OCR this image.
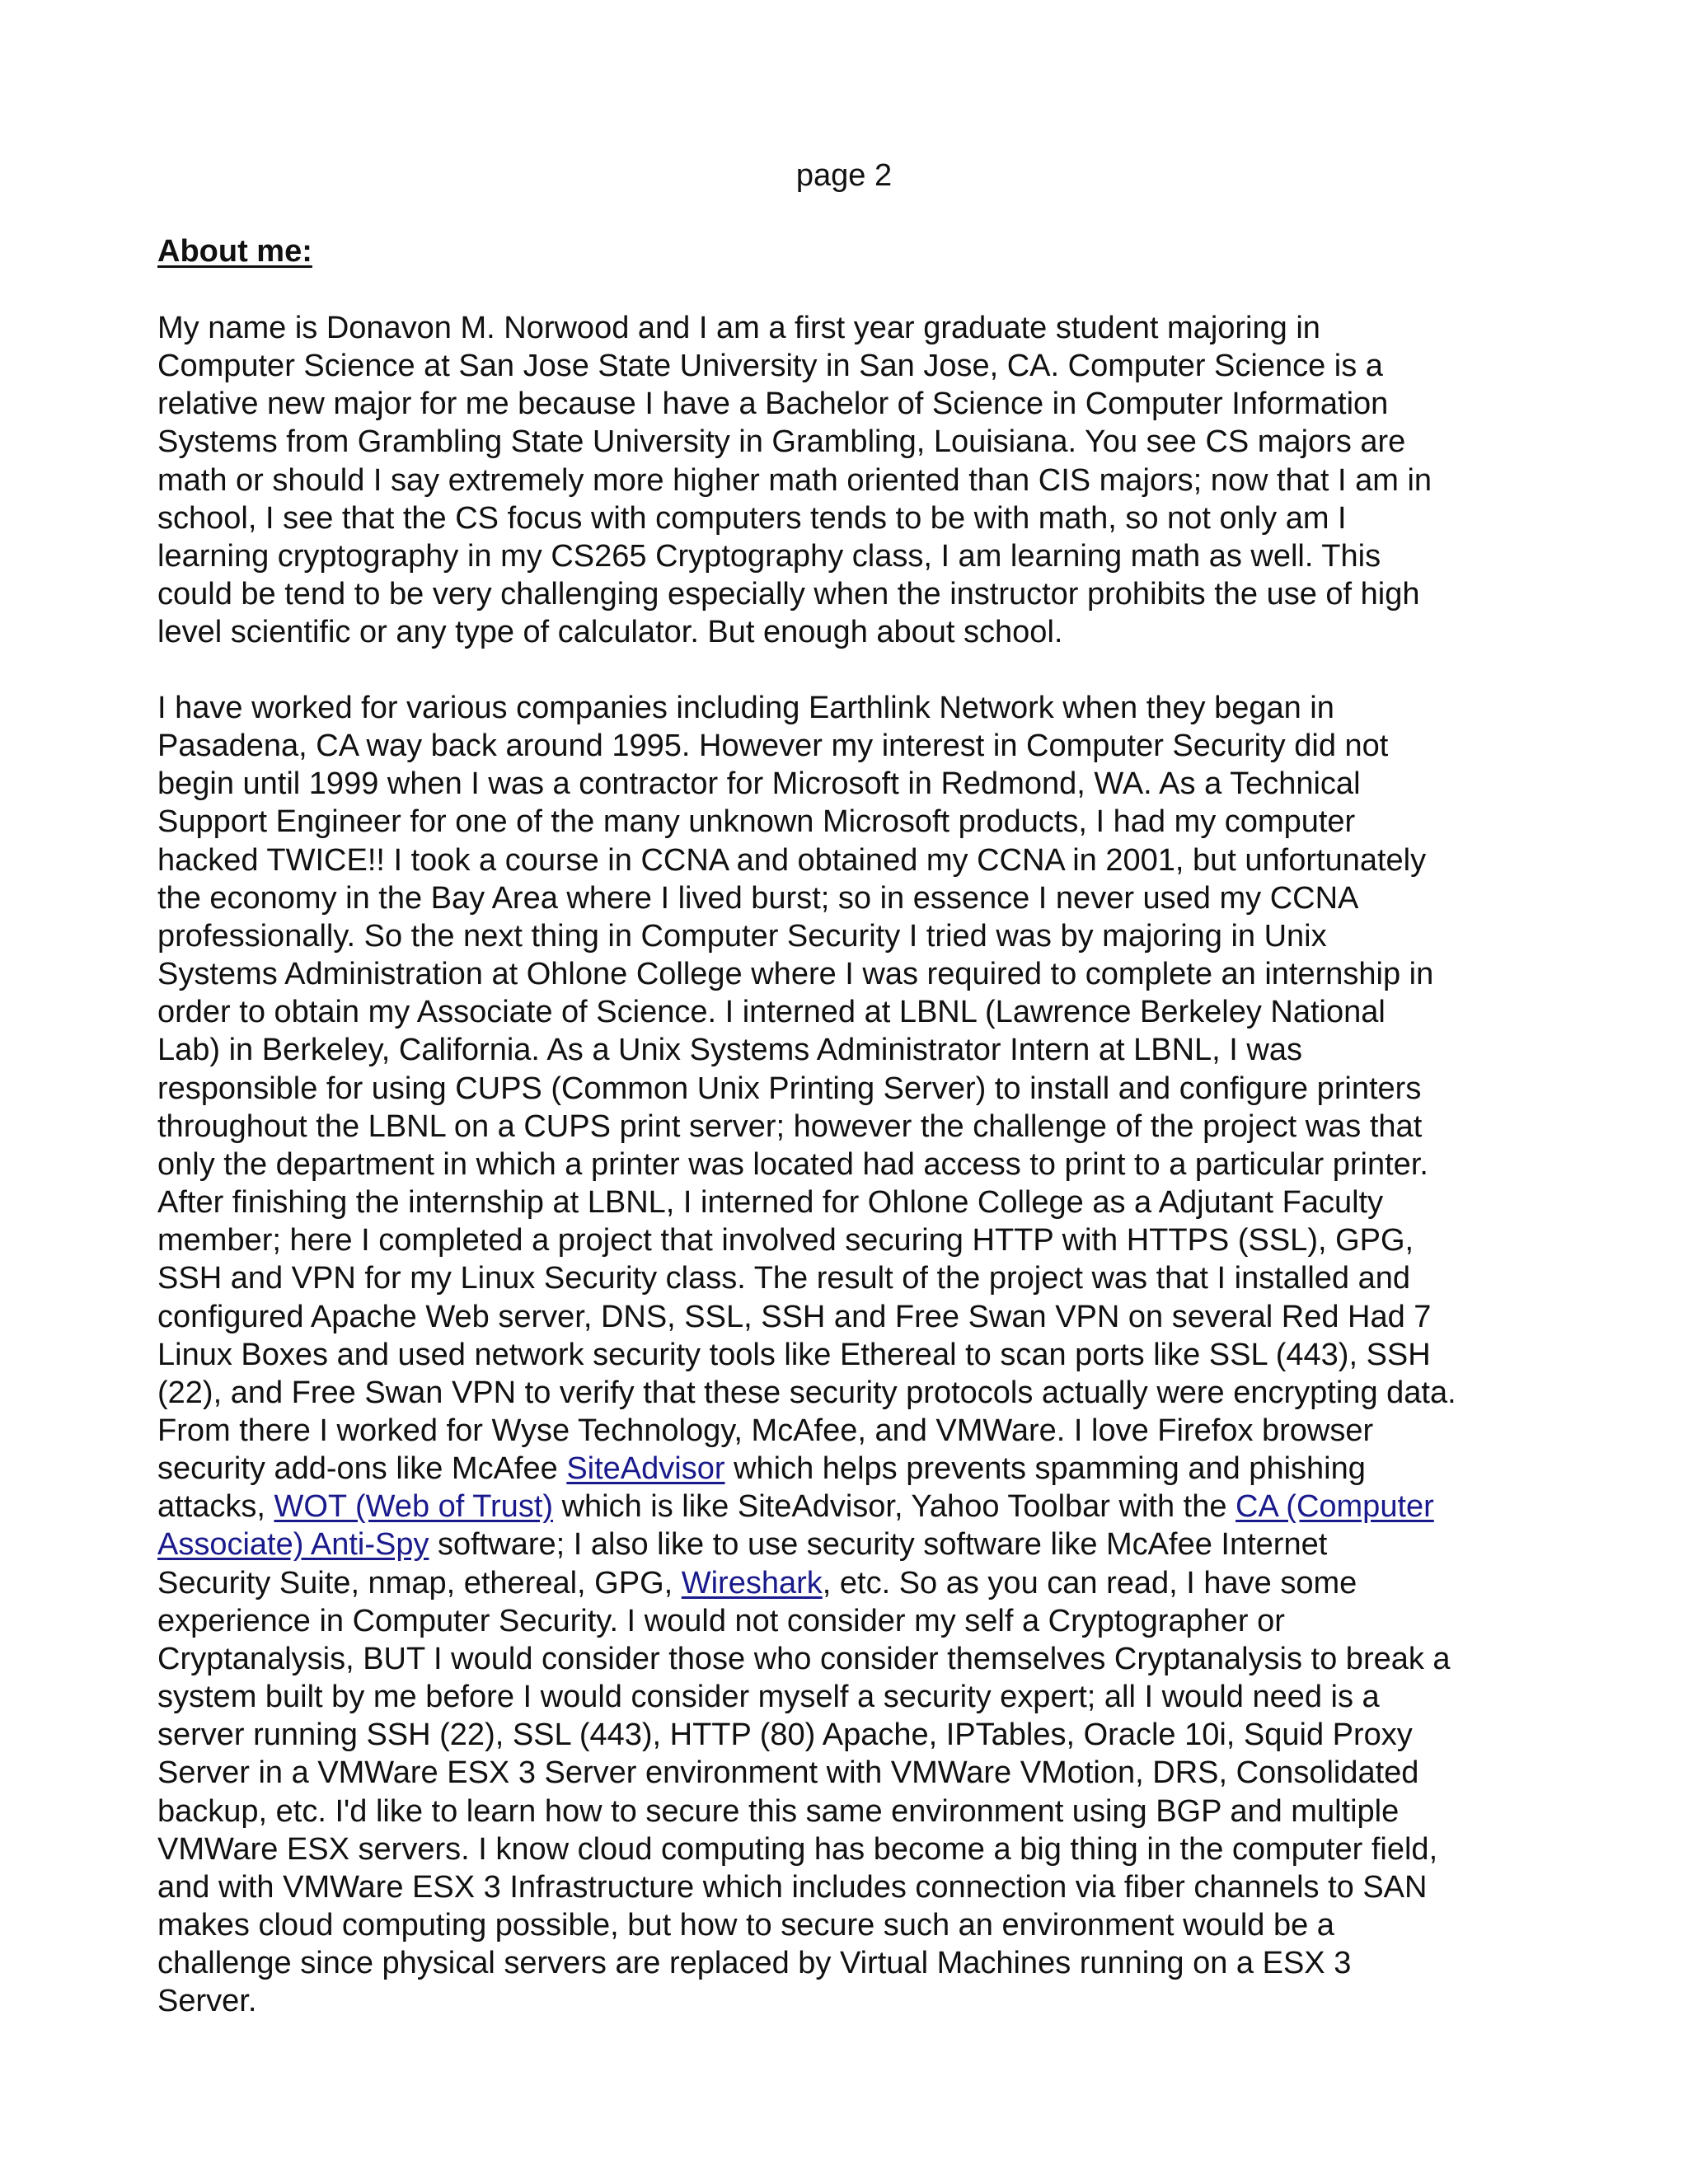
page 2
About me:
My name is Donavon M. Norwood and I am a first year graduate student majoring in
Computer Science at San Jose State University in San Jose, CA. Computer Science is a
relative new major for me because I have a Bachelor of Science in Computer Information
Systems from Grambling State University in Grambling, Louisiana. You see CS majors are
math or should I say extremely more higher math oriented than CIS majors; now that I am in
school, I see that the CS focus with computers tends to be with math, so not only am I
learning cryptography in my CS265 Cryptography class, I am learning math as well. This
could be tend to be very challenging especially when the instructor prohibits the use of high
level scientific or any type of calculator. But enough about school.
I have worked for various companies including Earthlink Network when they began in
Pasadena, CA way back around 1995. However my interest in Computer Security did not
begin until 1999 when I was a contractor for Microsoft in Redmond, WA. As a Technical
Support Engineer for one of the many unknown Microsoft products, I had my computer
hacked TWICE!! I took a course in CCNA and obtained my CCNA in 2001, but unfortunately
the economy in the Bay Area where I lived burst; so in essence I never used my CCNA
professionally. So the next thing in Computer Security I tried was by majoring in Unix
Systems Administration at Ohlone College where I was required to complete an internship in
order to obtain my Associate of Science. I interned at LBNL (Lawrence Berkeley National
Lab) in Berkeley, California. As a Unix Systems Administrator Intern at LBNL, I was
responsible for using CUPS (Common Unix Printing Server) to install and configure printers
throughout the LBNL on a CUPS print server; however the challenge of the project was that
only the department in which a printer was located had access to print to a particular printer.
After finishing the internship at LBNL, I interned for Ohlone College as a Adjutant Faculty
member; here I completed a project that involved securing HTTP with HTTPS (SSL), GPG,
SSH and VPN for my Linux Security class. The result of the project was that I installed and
configured Apache Web server, DNS, SSL, SSH and Free Swan VPN on several Red Had 7
Linux Boxes and used network security tools like Ethereal to scan ports like SSL (443), SSH
(22), and Free Swan VPN to verify that these security protocols actually were encrypting data.
From there I worked for Wyse Technology, McAfee, and VMWare. I love Firefox browser
security add-ons like McAfee SiteAdvisor which helps prevents spamming and phishing
attacks, WOT (Web of Trust) which is like SiteAdvisor, Yahoo Toolbar with the CA (Computer
Associate) Anti-Spy software; I also like to use security software like McAfee Internet
Security Suite, nmap, ethereal, GPG, Wireshark, etc. So as you can read, I have some
experience in Computer Security. I would not consider my self a Cryptographer or
Cryptanalysis, BUT I would consider those who consider themselves Cryptanalysis to break a
system built by me before I would consider myself a security expert; all I would need is a
server running SSH (22), SSL (443), HTTP (80) Apache, IPTables, Oracle 10i, Squid Proxy
Server in a VMWare ESX 3 Server environment with VMWare VMotion, DRS, Consolidated
backup, etc. I'd like to learn how to secure this same environment using BGP and multiple
VMWare ESX servers. I know cloud computing has become a big thing in the computer field,
and with VMWare ESX 3 Infrastructure which includes connection via fiber channels to SAN
makes cloud computing possible, but how to secure such an environment would be a
challenge since physical servers are replaced by Virtual Machines running on a ESX 3
Server.
